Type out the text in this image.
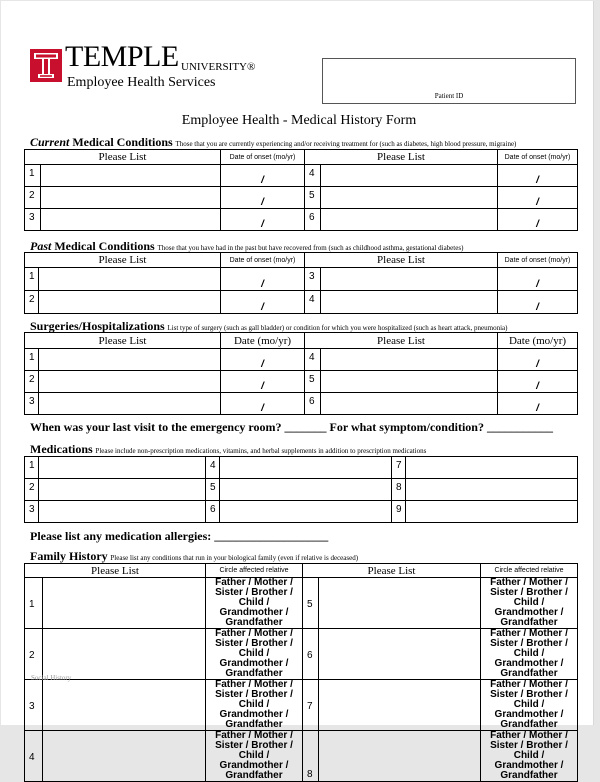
TEMPLE UNIVERSITY®
Employee Health Services
Patient ID
Employee Health - Medical History Form
Current Medical Conditions Those that you are currently experiencing and/or receiving treatment for (such as diabetes, high blood pressure, migraine)
Please List		Date of onset (mo/yr)	Please List		Date of onset (mo/yr)
1		/	4		/
2		/	5		/
3		/	6		/
Past Medical Conditions Those that you have had in the past but have recovered from (such as childhood asthma, gestational diabetes)
Please List		Date of onset (mo/yr)	Please List		Date of onset (mo/yr)
1		/	3		/
2		/	4		/
Surgeries/Hospitalizations List type of surgery (such as gall bladder) or condition for which you were hospitalized (such as heart attack, pneumonia)
Please List		Date (mo/yr)	Please List		Date (mo/yr)
1		/	4		/
2		/	5		/
3		/	6		/
When was your last visit to the emergency room? _______ For what symptom/condition? ___________
Medications Please include non-prescription medications, vitamins, and herbal supplements in addition to prescription medications
1		4		7	
2		5		8	
3		6		9	
Please list any medication allergies: ___________________
Family History Please list any conditions that run in your biological family (even if relative is deceased)
Please List		Circle affected relative	Please List		Circle affected relative
1		Father / Mother / Sister / Brother /
Child / Grandmother / Grandfather	5		Father / Mother / Sister / Brother /
Child / Grandmother / Grandfather
2		Father / Mother / Sister / Brother /
Child / Grandmother / Grandfather	6		Father / Mother / Sister / Brother /
Child / Grandmother / Grandfather
3		Father / Mother / Sister / Brother /
Child / Grandmother / Grandfather	7		Father / Mother / Sister / Brother /
Child / Grandmother / Grandfather
4		Father / Mother / Sister / Brother /
Child / Grandmother / Grandfather	8		Father / Mother / Sister / Brother /
Child / Grandmother / Grandfather
Social History
